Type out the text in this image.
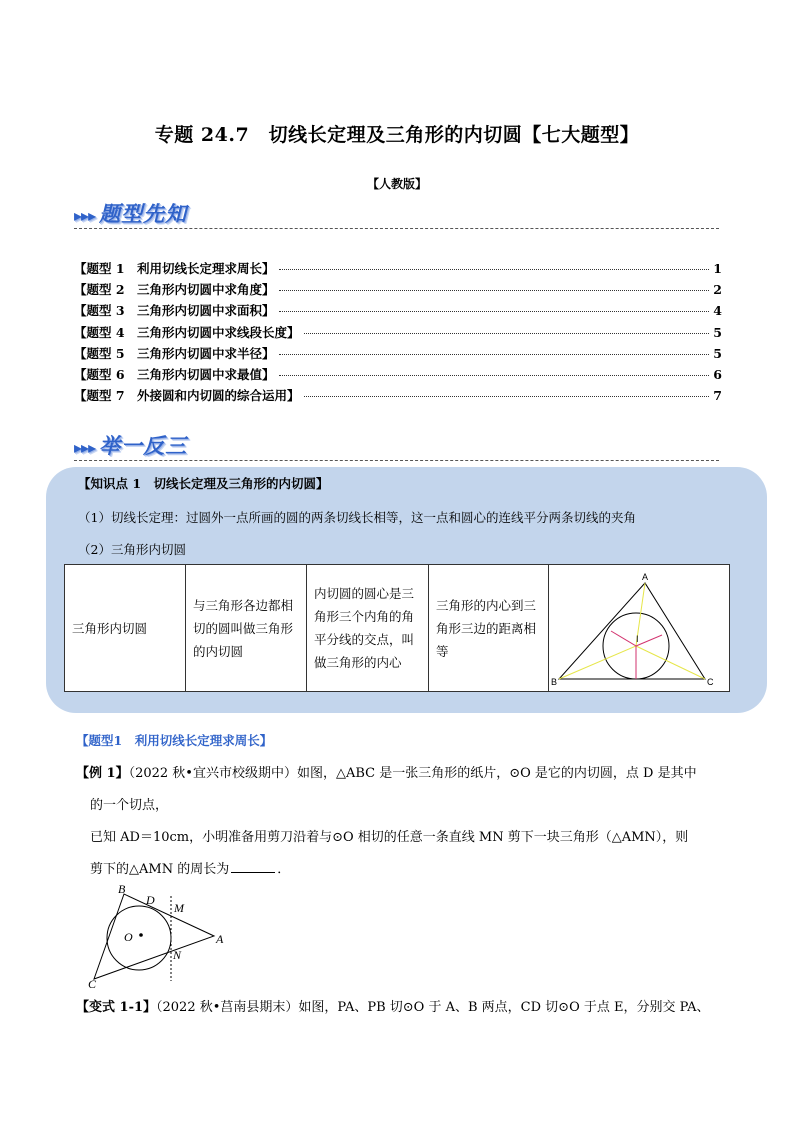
专题 24.7　切线长定理及三角形的内切圆【七大题型】
【人教版】
▸▸▸ 题型先知
【题型 1　利用切线长定理求周长】	1
【题型 2　三角形内切圆中求角度】	2
【题型 3　三角形内切圆中求面积】	4
【题型 4　三角形内切圆中求线段长度】	5
【题型 5　三角形内切圆中求半径】	5
【题型 6　三角形内切圆中求最值】	6
【题型 7　外接圆和内切圆的综合运用】	7
▸▸▸ 举一反三
【知识点 1　切线长定理及三角形的内切圆】
（1）切线长定理：过圆外一点所画的圆的两条切线长相等，这一点和圆心的连线平分两条切线的夹角
（2）三角形内切圆
三角形内切圆	与三角形各边都相切的圆叫做三角形的内切圆	内切圆的圆心是三角形三个内角的角平分线的交点，叫做三角形的内心	三角形的内心到三角形三边的距离相等	
A
B	C
I
【题型1　利用切线长定理求周长】
【例 1】（2022 秋•宜兴市校级期中）如图，△ABC 是一张三角形的纸片，⊙O 是它的内切圆，点 D 是其中
的一个切点，
已知 AD＝10cm，小明准备用剪刀沿着与⊙O 相切的任意一条直线 MN 剪下一块三角形（△AMN），则
剪下的△AMN 的周长为	．
B
D
M
O	A
N
C
【变式 1-1】（2022 秋•莒南县期末）如图，PA、PB 切⊙O 于 A、B 两点，CD 切⊙O 于点 E，分别交 PA、
